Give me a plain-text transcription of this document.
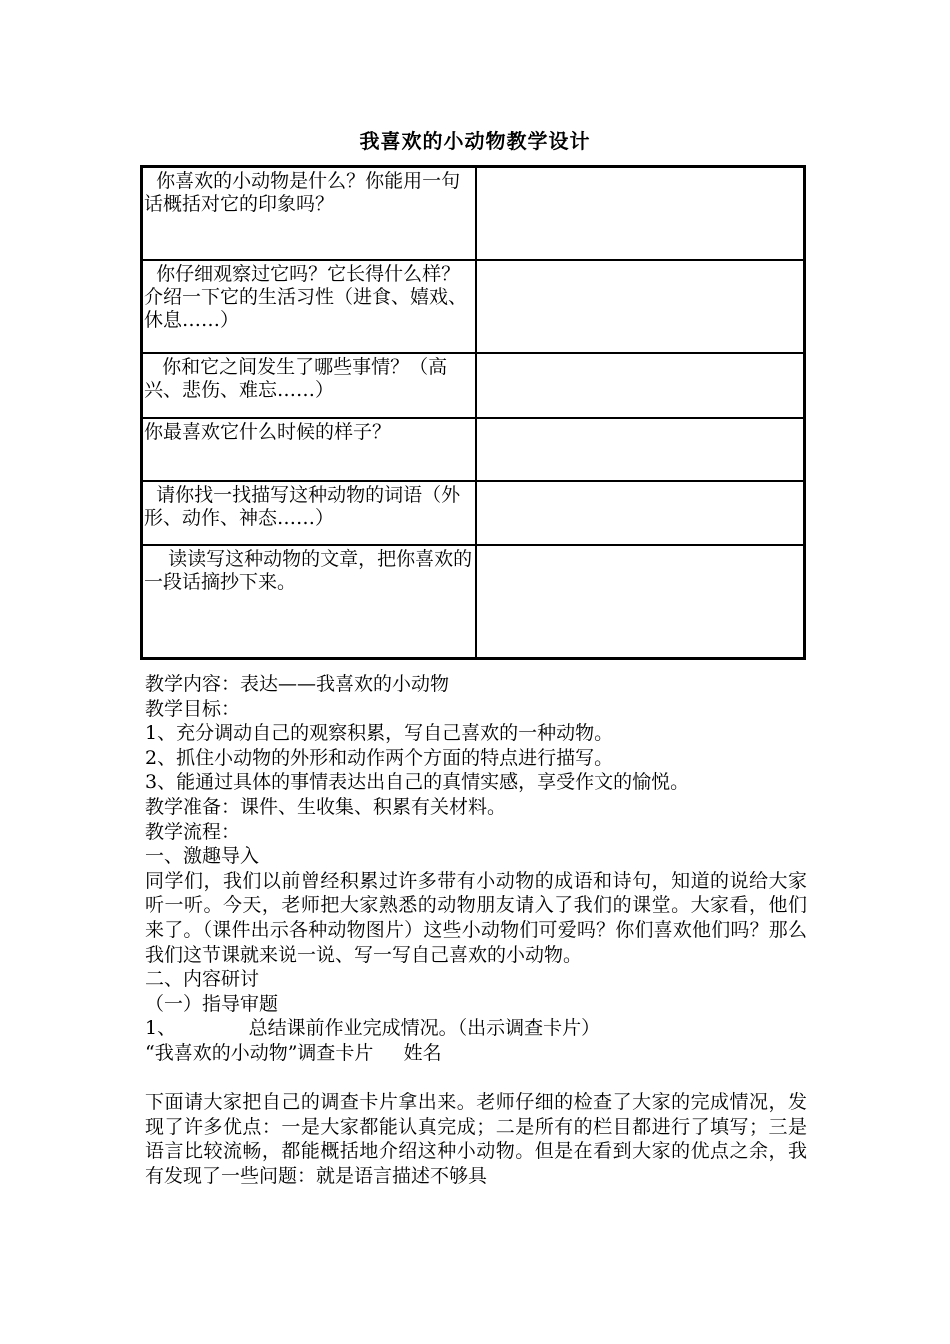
我喜欢的小动物教学设计
你喜欢的小动物是什么？你能用一句话概括对它的印象吗？	
你仔细观察过它吗？它长得什么样？介绍一下它的生活习性（进食、嬉戏、休息……）	
你和它之间发生了哪些事情？（高兴、悲伤、难忘……）	
你最喜欢它什么时候的样子？	
请你找一找描写这种动物的词语（外形、动作、神态……）	
读读写这种动物的文章，把你喜欢的一段话摘抄下来。	

教学内容：表达——我喜欢的小动物

教学目标：

1、充分调动自己的观察积累，写自己喜欢的一种动物。

2、抓住小动物的外形和动作两个方面的特点进行描写。

3、能通过具体的事情表达出自己的真情实感，享受作文的愉悦。

教学准备：课件、生收集、积累有关材料。

教学流程：

一、激趣导入

同学们，我们以前曾经积累过许多带有小动物的成语和诗句，知道的说给大家听一听。今天，老师把大家熟悉的动物朋友请入了我们的课堂。大家看，他们来了。（课件出示各种动物图片）这些小动物们可爱吗？你们喜欢他们吗？那么我们这节课就来说一说、写一写自己喜欢的小动物。

二、内容研讨

（一）指导审题

1、            总结课前作业完成情况。（出示调查卡片）

“我喜欢的小动物”调查卡片     姓名

下面请大家把自己的调查卡片拿出来。老师仔细的检查了大家的完成情况，发现了许多优点：一是大家都能认真完成；二是所有的栏目都进行了填写；三是语言比较流畅，都能概括地介绍这种小动物。但是在看到大家的优点之余，我有发现了一些问题：就是语言描述不够具
